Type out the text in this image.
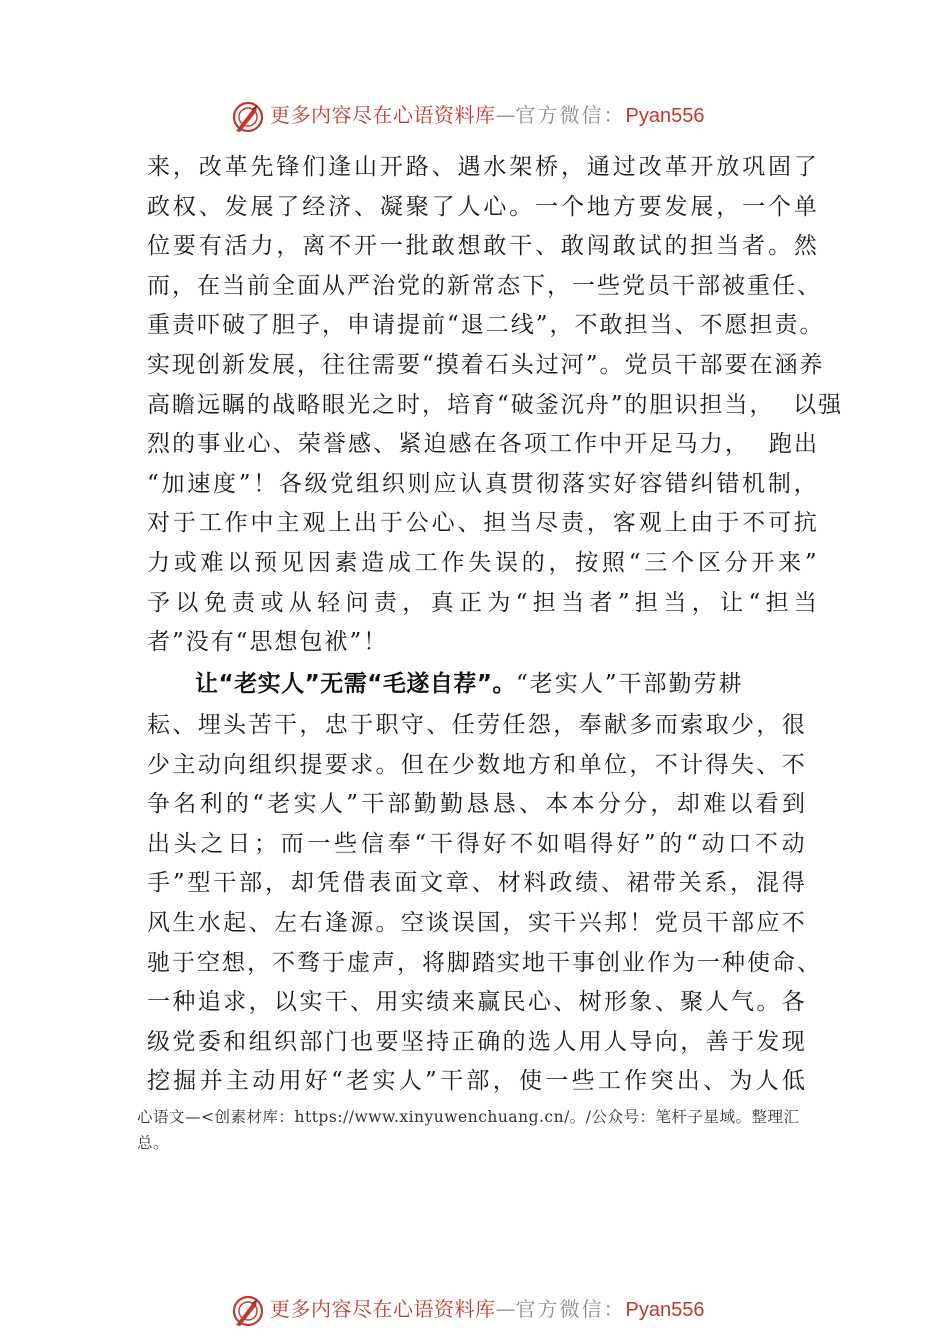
更多内容尽在心语资料库—官方微信：Pyan556
来 ， 改 革 先 锋 们 逢 山 开 路 、 遇 水 架 桥 ， 通 过 改 革 开 放 巩 固 了
政 权 、 发 展 了 经 济 、 凝 聚 了 人 心 。 一 个 地 方 要 发 展 ， 一 个 单
位 要 有 活 力 ， 离 不 开 一 批 敢 想 敢 干 、 敢 闯 敢 试 的 担 当 者 。 然
而 ， 在 当 前 全 面 从 严 治 党 的 新 常 态 下 ， 一 些 党 员 干 部 被 重 任 、
重 责 吓 破 了 胆 子 ， 申 请 提 前 “ 退 二 线 ” ， 不 敢 担 当 、 不 愿 担 责 。
实 现 创 新 发 展 ， 往 往 需 要 “ 摸 着 石 头 过 河 ” 。 党 员 干 部 要 在 涵 养
高 瞻 远 瞩 的 战 略 眼 光 之 时 ， 培 育 “ 破 釜 沉 舟 ” 的 胆 识 担 当 ，

以 强
烈 的 事 业 心 、 荣 誉 感 、 紧 迫 感 在 各 项 工 作 中 开 足 马 力 ，

跑 出
“ 加 速 度 ” ！ 各 级 党 组 织 则 应 认 真 贯 彻 落 实 好 容 错 纠 错 机 制 ，
对 于 工 作 中 主 观 上 出 于 公 心 、 担 当 尽 责 ， 客 观 上 由 于 不 可 抗
力 或 难 以 预 见 因 素 造 成 工 作 失 误 的 ， 按 照 “ 三 个 区 分 开 来 ”
予 以 免 责 或 从 轻 问 责 ， 真 正 为 “ 担 当 者 ” 担 当 ， 让 “ 担 当
者”没有“思想包袱”！
让“老实人”无需“毛遂自荐”。“老实人”干部勤劳耕
耘 、 埋 头 苦 干 ， 忠 于 职 守 、 任 劳 任 怨 ， 奉 献 多 而 索 取 少 ， 很
少 主 动 向 组 织 提 要 求 。 但 在 少 数 地 方 和 单 位 ， 不 计 得 失 、 不
争 名 利 的 “ 老 实 人 ” 干 部 勤 勤 恳 恳 、 本 本 分 分 ， 却 难 以 看 到
出 头 之 日 ； 而 一 些 信 奉 “ 干 得 好 不 如 唱 得 好 ” 的 “ 动 口 不 动
手 ” 型 干 部 ， 却 凭 借 表 面 文 章 、 材 料 政 绩 、 裙 带 关 系 ， 混 得
风 生 水 起 、 左 右 逢 源 。 空 谈 误 国 ， 实 干 兴 邦 ！ 党 员 干 部 应 不
驰 于 空 想 ， 不 骛 于 虚 声 ， 将 脚 踏 实 地 干 事 创 业 作 为 一 种 使 命 、
一 种 追 求 ， 以 实 干 、 用 实 绩 来 赢 民 心 、 树 形 象 、 聚 人 气 。 各
级 党 委 和 组 织 部 门 也 要 坚 持 正 确 的 选 人 用 人 导 向 ， 善 于 发 现
挖 掘 并 主 动 用 好 “ 老 实 人 ” 干 部 ， 使 一 些 工 作 突 出 、 为 人 低
心语文—<创素材库：https://www.xinyuwenchuang.cn/。/公众号：笔杆子星域。整理汇总。
更多内容尽在心语资料库—官方微信：Pyan556
